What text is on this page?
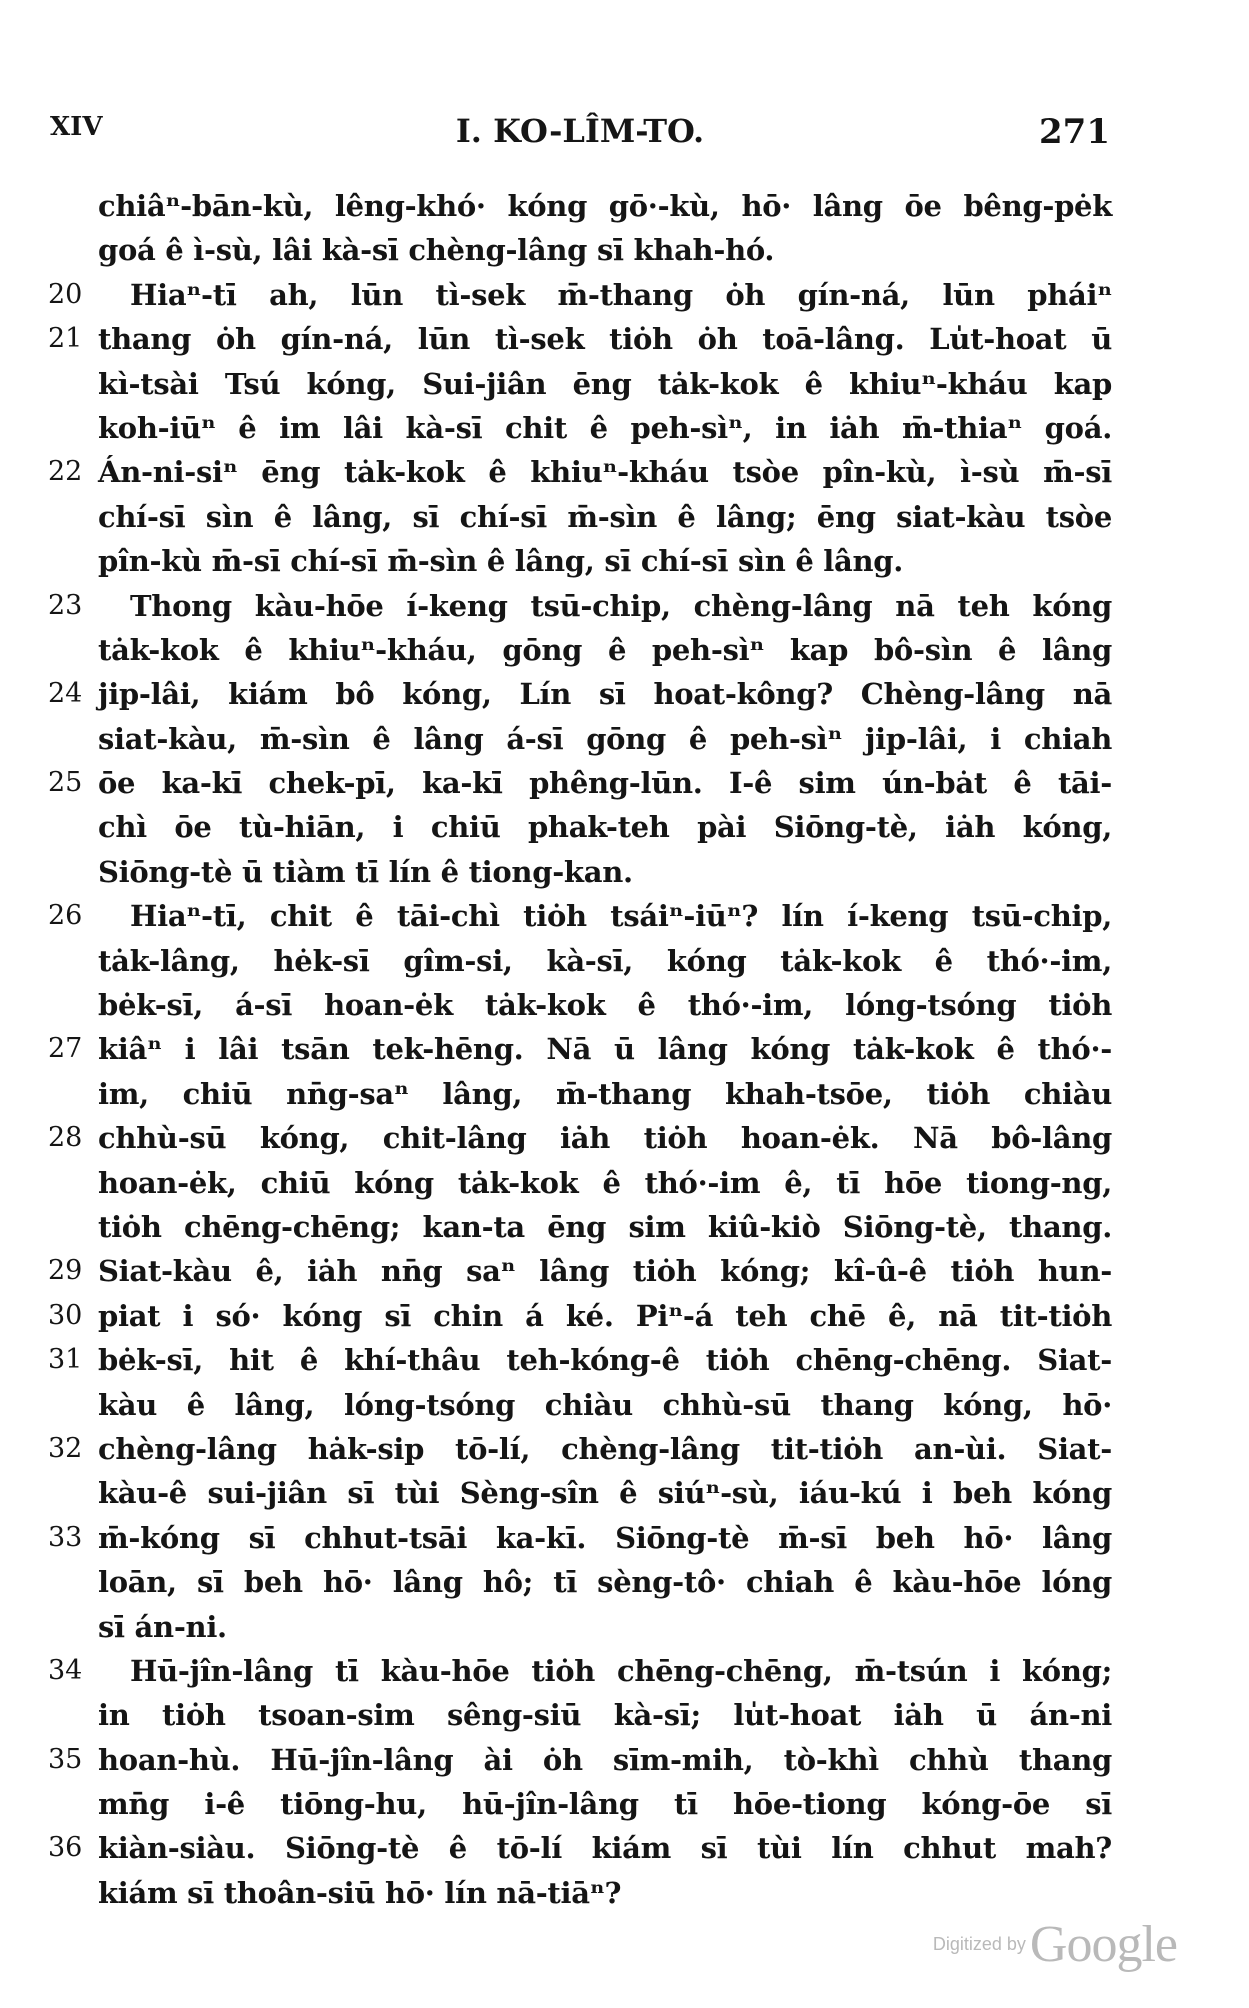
XIV	I. KO-LÎM-TO.	271
chiâⁿ-bān-kù, lêng-khó· kóng gō·-kù, hō· lâng ōe bêng-pėk
goá ê ì-sù, lâi kà-sī chèng-lâng sī khah-hó.
20 Hiaⁿ-tī ah, lūn tì-sek m̄-thang ȯh gín-ná, lūn pháiⁿ
21 thang ȯh gín-ná, lūn tì-sek tiȯh ȯh toā-lâng. Lu̍t-hoat ū
kì-tsài Tsú kóng, Sui-jiân ēng tȧk-kok ê khiuⁿ-kháu kap
koh-iūⁿ ê im lâi kà-sī chit ê peh-sìⁿ, in iȧh m̄-thiaⁿ goá.
22 Án-ni-siⁿ ēng tȧk-kok ê khiuⁿ-kháu tsòe pîn-kù, ì-sù m̄-sī
chí-sī sìn ê lâng, sī chí-sī m̄-sìn ê lâng; ēng siat-kàu tsòe
pîn-kù m̄-sī chí-sī m̄-sìn ê lâng, sī chí-sī sìn ê lâng.
23 Thong kàu-hōe í-keng tsū-chip, chèng-lâng nā teh kóng
tȧk-kok ê khiuⁿ-kháu, gōng ê peh-sìⁿ kap bô-sìn ê lâng
24 jip-lâi, kiám bô kóng, Lín sī hoat-kông? Chèng-lâng nā
siat-kàu, m̄-sìn ê lâng á-sī gōng ê peh-sìⁿ jip-lâi, i chiah
25 ōe ka-kī chek-pī, ka-kī phêng-lūn. I-ê sim ún-bȧt ê tāi-
chì ōe tù-hiān, i chiū phak-teh pài Siōng-tè, iȧh kóng,
Siōng-tè ū tiàm tī lín ê tiong-kan.
26 Hiaⁿ-tī, chit ê tāi-chì tiȯh tsáiⁿ-iūⁿ? lín í-keng tsū-chip,
tȧk-lâng, hėk-sī gîm-si, kà-sī, kóng tȧk-kok ê thó·-im,
bėk-sī, á-sī hoan-ėk tȧk-kok ê thó·-im, lóng-tsóng tiȯh
27 kiâⁿ i lâi tsān tek-hēng. Nā ū lâng kóng tȧk-kok ê thó·-
im, chiū nn̄g-saⁿ lâng, m̄-thang khah-tsōe, tiȯh chiàu
28 chhù-sū kóng, chit-lâng iȧh tiȯh hoan-ėk. Nā bô-lâng
hoan-ėk, chiū kóng tȧk-kok ê thó·-im ê, tī hōe tiong-ng,
tiȯh chēng-chēng; kan-ta ēng sim kiû-kiò Siōng-tè, thang.
29 Siat-kàu ê, iȧh nn̄g saⁿ lâng tiȯh kóng; kî-û-ê tiȯh hun-
30 piat i só· kóng sī chin á ké. Piⁿ-á teh chē ê, nā tit-tiȯh
31 bėk-sī, hit ê khí-thâu teh-kóng-ê tiȯh chēng-chēng. Siat-
kàu ê lâng, lóng-tsóng chiàu chhù-sū thang kóng, hō·
32 chèng-lâng hȧk-sip tō-lí, chèng-lâng tit-tiȯh an-ùi. Siat-
kàu-ê sui-jiân sī tùi Sèng-sîn ê siúⁿ-sù, iáu-kú i beh kóng
33 m̄-kóng sī chhut-tsāi ka-kī. Siōng-tè m̄-sī beh hō· lâng
loān, sī beh hō· lâng hô; tī sèng-tô· chiah ê kàu-hōe lóng
sī án-ni.
34 Hū-jîn-lâng tī kàu-hōe tiȯh chēng-chēng, m̄-tsún i kóng;
in tiȯh tsoan-sim sêng-siū kà-sī; lu̍t-hoat iȧh ū án-ni
35 hoan-hù. Hū-jîn-lâng ài ȯh sīm-mih, tò-khì chhù thang
mn̄g i-ê tiōng-hu, hū-jîn-lâng tī hōe-tiong kóng-ōe sī
36 kiàn-siàu. Siōng-tè ê tō-lí kiám sī tùi lín chhut mah?
kiám sī thoân-siū hō· lín nā-tiāⁿ?
Digitized by Google
